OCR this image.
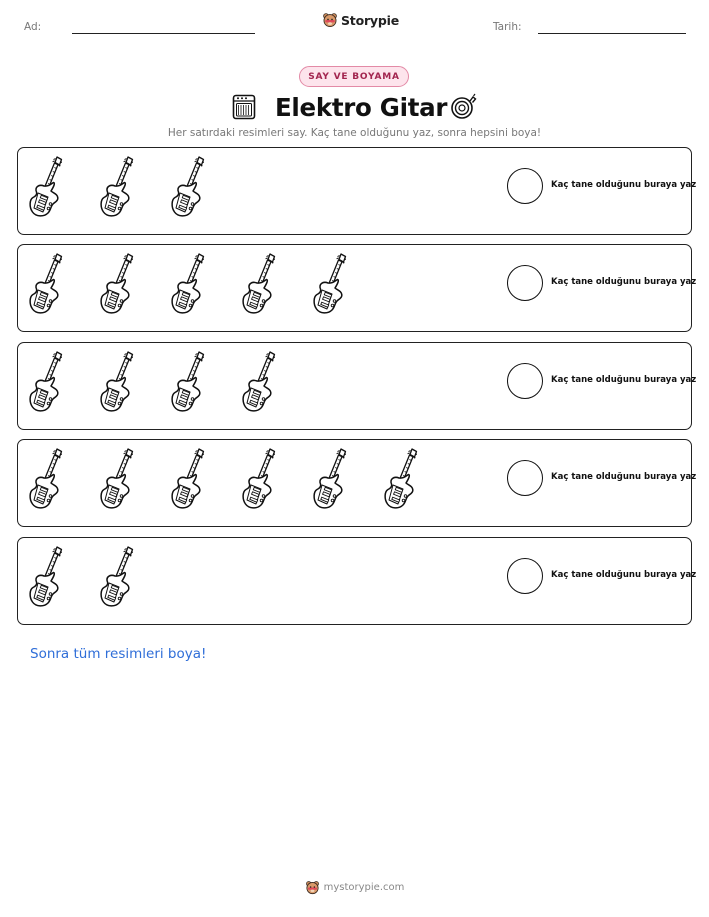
Ad:	Storypie	Tarih:
SAY VE BOYAMA
Elektro Gitar
Her satırdaki resimleri say. Kaç tane olduğunu yaz, sonra hepsini boya!
Kaç tane olduğunu buraya yaz
Kaç tane olduğunu buraya yaz
Kaç tane olduğunu buraya yaz
Kaç tane olduğunu buraya yaz
Kaç tane olduğunu buraya yaz
Sonra tüm resimleri boya!
mystorypie.com
